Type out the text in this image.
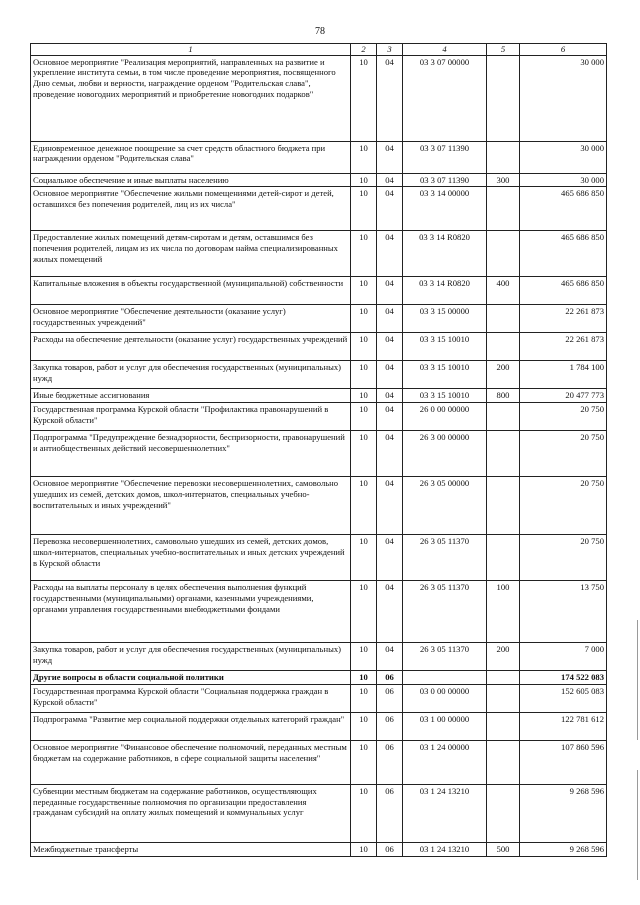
78
1	2	3	4	5	6
Основное мероприятие "Реализация мероприятий, направленных на развитие и укрепление института семьи, в том числе проведение мероприятия, посвященного Дню семьи, любви и верности, награждение орденом "Родительская слава", проведение новогодних мероприятий и приобретение новогодних подарков"	10	04	03 3 07 00000		30 000
Единовременное денежное поощрение за счет средств областного бюджета при награждении орденом "Родительская слава"	10	04	03 3 07 11390		30 000
Социальное обеспечение и иные выплаты населению	10	04	03 3 07 11390	300	30 000
Основное мероприятие "Обеспечение жильми помещениями детей-сирот и детей, оставшихся без попечения родителей, лиц из их числа"	10	04	03 3 14 00000		465 686 850
Предоставление жилых помещений детям-сиротам и детям, оставшимся без попечения родителей, лицам из их числа по договорам найма специализированных жилых помещений	10	04	03 3 14 R0820		465 686 850
Капитальные вложения в объекты государственной (муниципальной) собственности	10	04	03 3 14 R0820	400	465 686 850
Основное мероприятие "Обеспечение деятельности (оказание услуг) государственных учреждений"	10	04	03 3 15 00000		22 261 873
Расходы на обеспечение деятельности (оказание услуг) государственных учреждений	10	04	03 3 15 10010		22 261 873
Закупка товаров, работ и услуг для обеспечения государственных (муниципальных) нужд	10	04	03 3 15 10010	200	1 784 100
Иные бюджетные ассигнования	10	04	03 3 15 10010	800	20 477 773
Государственная программа Курской области "Профилактика правонарушений в Курской области"	10	04	26 0 00 00000		20 750
Подпрограмма "Предупреждение безнадзорности, беспризорности, правонарушений и антиобщественных действий несовершеннолетних"	10	04	26 3 00 00000		20 750
Основное мероприятие "Обеспечение перевозки несовершеннолетних, самовольно ушедших из семей, детских домов, школ-интернатов, специальных учебно-воспитательных и иных учреждений"	10	04	26 3 05 00000		20 750
Перевозка несовершеннолетних, самовольно ушедших из семей, детских домов, школ-интернатов, специальных учебно-воспитательных и иных детских учреждений в Курской области	10	04	26 3 05 11370		20 750
Расходы на выплаты персоналу в целях обеспечения выполнения функций государственными (муниципальными) органами, казенными учреждениями, органами управления государственными внебюджетными фондами	10	04	26 3 05 11370	100	13 750
Закупка товаров, работ и услуг для обеспечения государственных (муниципальных) нужд	10	04	26 3 05 11370	200	7 000
Другие вопросы в области социальной политики	10	06			174 522 083
Государственная программа Курской области "Социальная поддержка граждан в Курской области"	10	06	03 0 00 00000		152 605 083
Подпрограмма "Развитие мер социальной поддержки отдельных категорий граждан"	10	06	03 1 00 00000		122 781 612
Основное мероприятие "Финансовое обеспечение полномочий, переданных местным бюджетам на содержание работников, в сфере социальной защиты населения"	10	06	03 1 24 00000		107 860 596
Субвенции местным бюджетам на содержание работников, осуществляющих переданные государственные полномочия по организации предоставления гражданам субсидий на оплату жилых помещений и коммунальных услуг	10	06	03 1 24 13210		9 268 596
Межбюджетные трансферты	10	06	03 1 24 13210	500	9 268 596
